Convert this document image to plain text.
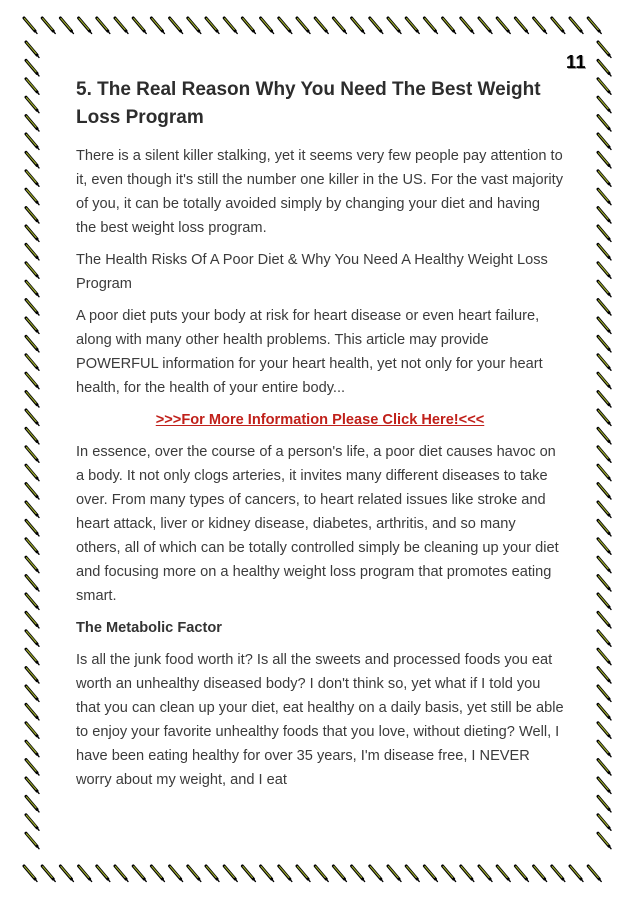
11
5. The Real Reason Why You Need The Best Weight Loss Program

There is a silent killer stalking, yet it seems very few people pay attention to it, even though it's still the number one killer in the US. For the vast majority of you, it can be totally avoided simply by changing your diet and having the best weight loss program.

The Health Risks Of A Poor Diet & Why You Need A Healthy Weight Loss Program

A poor diet puts your body at risk for heart disease or even heart failure, along with many other health problems. This article may provide POWERFUL information for your heart health, yet not only for your heart health, for the health of your entire body...

>>>For More Information Please Click Here!<<<

In essence, over the course of a person's life, a poor diet causes havoc on a body. It not only clogs arteries, it invites many different diseases to take over. From many types of cancers, to heart related issues like stroke and heart attack, liver or kidney disease, diabetes, arthritis, and so many others, all of which can be totally controlled simply be cleaning up your diet and focusing more on a healthy weight loss program that promotes eating smart.

The Metabolic Factor

Is all the junk food worth it? Is all the sweets and processed foods you eat worth an unhealthy diseased body? I don't think so, yet what if I told you that you can clean up your diet, eat healthy on a daily basis, yet still be able to enjoy your favorite unhealthy foods that you love, without dieting? Well, I have been eating healthy for over 35 years, I'm disease free, I NEVER worry about my weight, and I eat
